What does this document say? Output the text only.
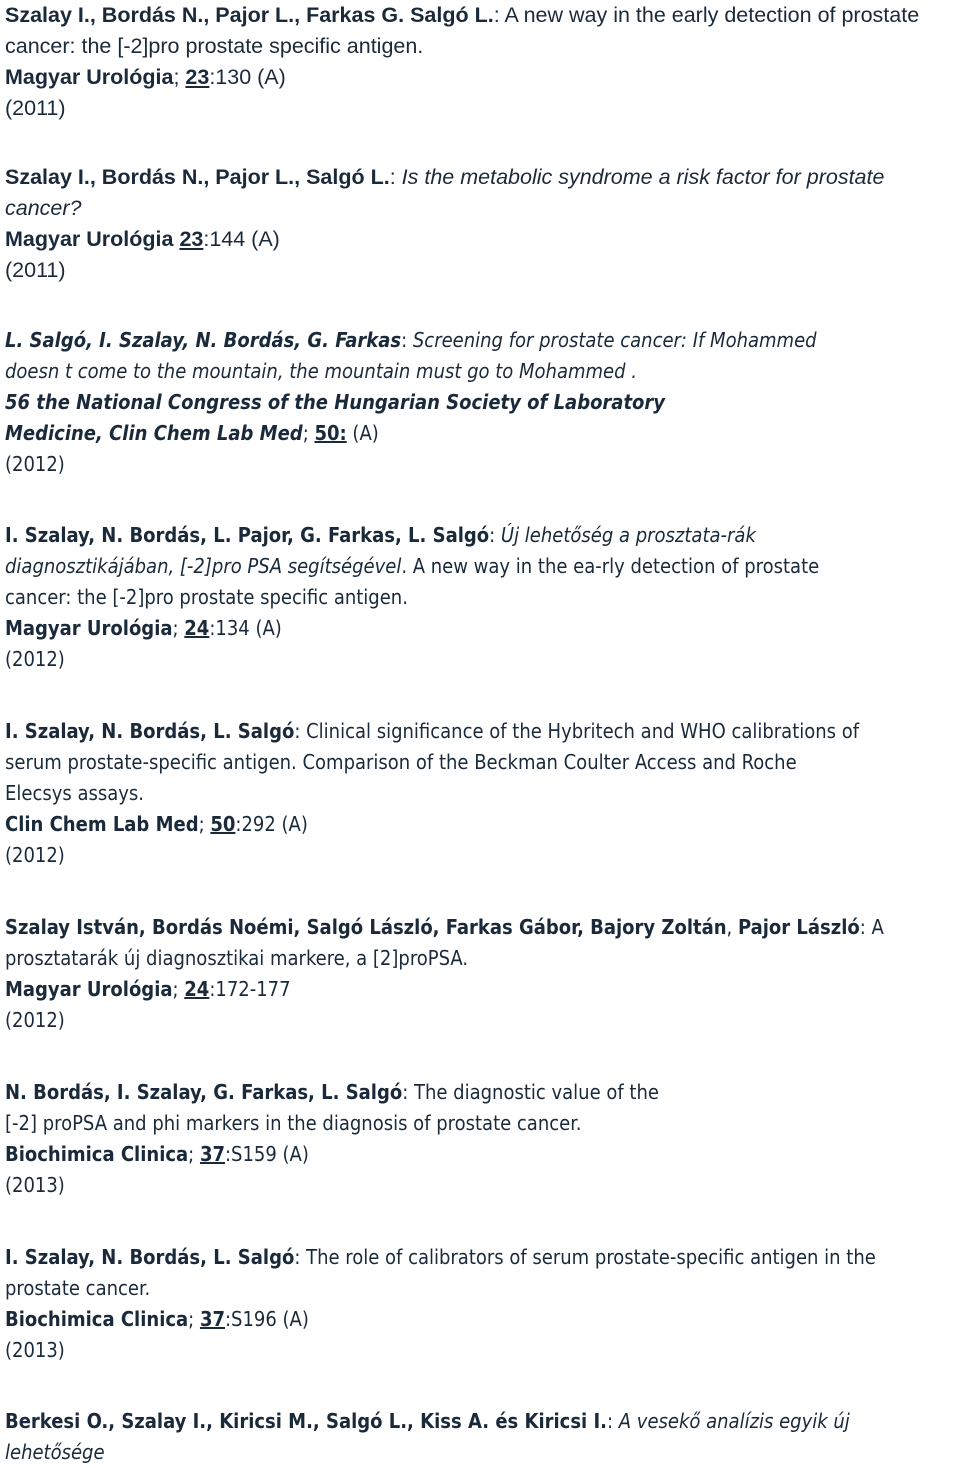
Szalay I., Bordás N., Pajor L., Farkas G. Salgó L.: A new way in the early detection of prostate
cancer: the [-2]pro prostate specific antigen.
Magyar Urológia; 23:130 (A)
(2011)
Szalay I., Bordás N., Pajor L., Salgó L.: Is the metabolic syndrome a risk factor for prostate
cancer?
Magyar Urológia 23:144 (A)
(2011)
L. Salgó, I. Szalay, N. Bordás, G. Farkas: Screening for prostate cancer: If Mohammed
doesn t come to the mountain, the mountain must go to Mohammed .
56 the National Congress of the Hungarian Society of Laboratory
Medicine, Clin Chem Lab Med; 50: (A)
(2012)
I. Szalay, N. Bordás, L. Pajor, G. Farkas, L. Salgó: Új lehetőség a prosztata-rák
diagnosztikájában, [-2]pro PSA segítségével. A new way in the ea-rly detection of prostate
cancer: the [-2]pro prostate specific antigen.
Magyar Urológia; 24:134 (A)
(2012)
I. Szalay, N. Bordás, L. Salgó: Clinical significance of the Hybritech and WHO calibrations of
serum prostate-specific antigen. Comparison of the Beckman Coulter Access and Roche
Elecsys assays.
Clin Chem Lab Med; 50:292 (A)
(2012)
Szalay István, Bordás Noémi, Salgó László, Farkas Gábor, Bajory Zoltán, Pajor László: A
prosztatarák új diagnosztikai markere, a [2]proPSA.
Magyar Urológia; 24:172-177
(2012)
N. Bordás, I. Szalay, G. Farkas, L. Salgó: The diagnostic value of the
[-2] proPSA and phi markers in the diagnosis of prostate cancer.
Biochimica Clinica; 37:S159 (A)
(2013)
I. Szalay, N. Bordás, L. Salgó: The role of calibrators of serum prostate-specific antigen in the
prostate cancer.
Biochimica Clinica; 37:S196 (A)
(2013)
Berkesi O., Szalay I., Kiricsi M., Salgó L., Kiss A. és Kiricsi I.: A vesekő analízis egyik új
lehetősége
